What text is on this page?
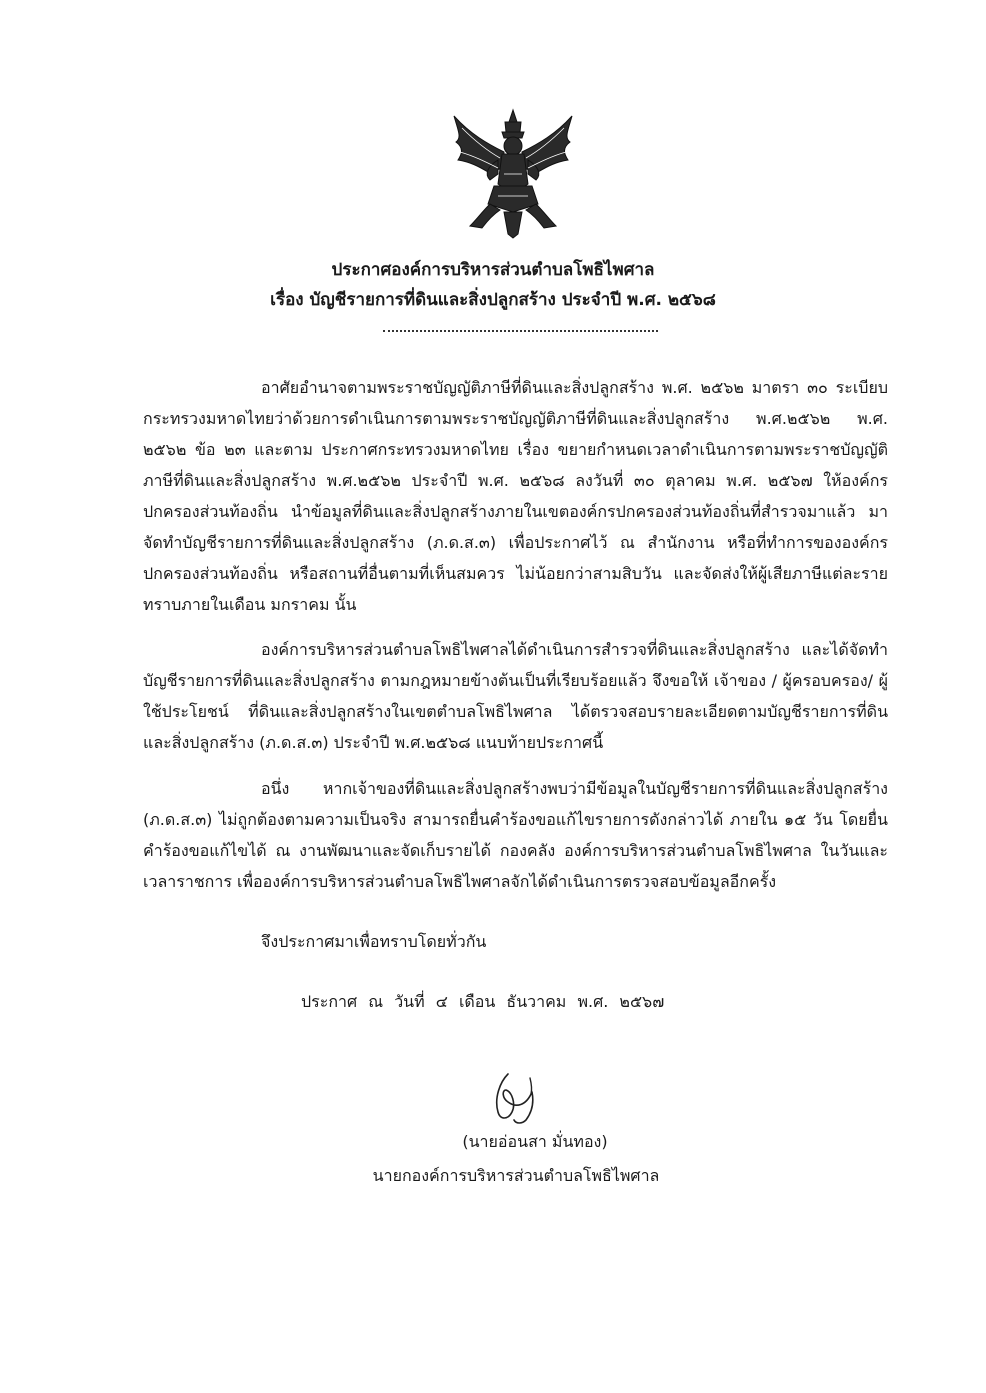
ประกาศองค์การบริหารส่วนตำบลโพธิไพศาล
เรื่อง บัญชีรายการที่ดินและสิ่งปลูกสร้าง ประจำปี พ.ศ. ๒๕๖๘
อาศัยอำนาจตามพระราชบัญญัติภาษีที่ดินและสิ่งปลูกสร้าง พ.ศ. ๒๕๖๒ มาตรา ๓๐ ระเบียบกระทรวงมหาดไทยว่าด้วยการดำเนินการตามพระราชบัญญัติภาษีที่ดินและสิ่งปลูกสร้าง พ.ศ.๒๕๖๒ พ.ศ. ๒๕๖๒ ข้อ ๒๓ และตาม ประกาศกระทรวงมหาดไทย เรื่อง ขยายกำหนดเวลาดำเนินการตามพระราชบัญญัติภาษีที่ดินและสิ่งปลูกสร้าง พ.ศ.๒๕๖๒ ประจำปี พ.ศ. ๒๕๖๘ ลงวันที่ ๓๐ ตุลาคม พ.ศ. ๒๕๖๗ ให้องค์กรปกครองส่วนท้องถิ่น นำข้อมูลที่ดินและสิ่งปลูกสร้างภายในเขตองค์กรปกครองส่วนท้องถิ่นที่สำรวจมาแล้ว มาจัดทำบัญชีรายการที่ดินและสิ่งปลูกสร้าง (ภ.ด.ส.๓) เพื่อประกาศไว้ ณ สำนักงาน หรือที่ทำการขององค์กรปกครองส่วนท้องถิ่น หรือสถานที่อื่นตามที่เห็นสมควร ไม่น้อยกว่าสามสิบวัน และจัดส่งให้ผู้เสียภาษีแต่ละรายทราบภายในเดือน มกราคม นั้น
องค์การบริหารส่วนตำบลโพธิไพศาลได้ดำเนินการสำรวจที่ดินและสิ่งปลูกสร้าง และได้จัดทำบัญชีรายการที่ดินและสิ่งปลูกสร้าง ตามกฎหมายข้างต้นเป็นที่เรียบร้อยแล้ว จึงขอให้ เจ้าของ / ผู้ครอบครอง/ ผู้ใช้ประโยชน์ ที่ดินและสิ่งปลูกสร้างในเขตตำบลโพธิไพศาล ได้ตรวจสอบรายละเอียดตามบัญชีรายการที่ดินและสิ่งปลูกสร้าง (ภ.ด.ส.๓) ประจำปี พ.ศ.๒๕๖๘ แนบท้ายประกาศนี้
อนึ่ง หากเจ้าของที่ดินและสิ่งปลูกสร้างพบว่ามีข้อมูลในบัญชีรายการที่ดินและสิ่งปลูกสร้าง (ภ.ด.ส.๓) ไม่ถูกต้องตามความเป็นจริง สามารถยื่นคำร้องขอแก้ไขรายการดังกล่าวได้ ภายใน ๑๕ วัน โดยยื่นคำร้องขอแก้ไขได้ ณ งานพัฒนาและจัดเก็บรายได้ กองคลัง องค์การบริหารส่วนตำบลโพธิไพศาล ในวันและเวลาราชการ เพื่อองค์การบริหารส่วนตำบลโพธิไพศาลจักได้ดำเนินการตรวจสอบข้อมูลอีกครั้ง
จึงประกาศมาเพื่อทราบโดยทั่วกัน
ประกาศ ณ วันที่ ๔ เดือน ธันวาคม พ.ศ. ๒๕๖๗
(นายอ่อนสา มั่นทอง)
นายกองค์การบริหารส่วนตำบลโพธิไพศาล
